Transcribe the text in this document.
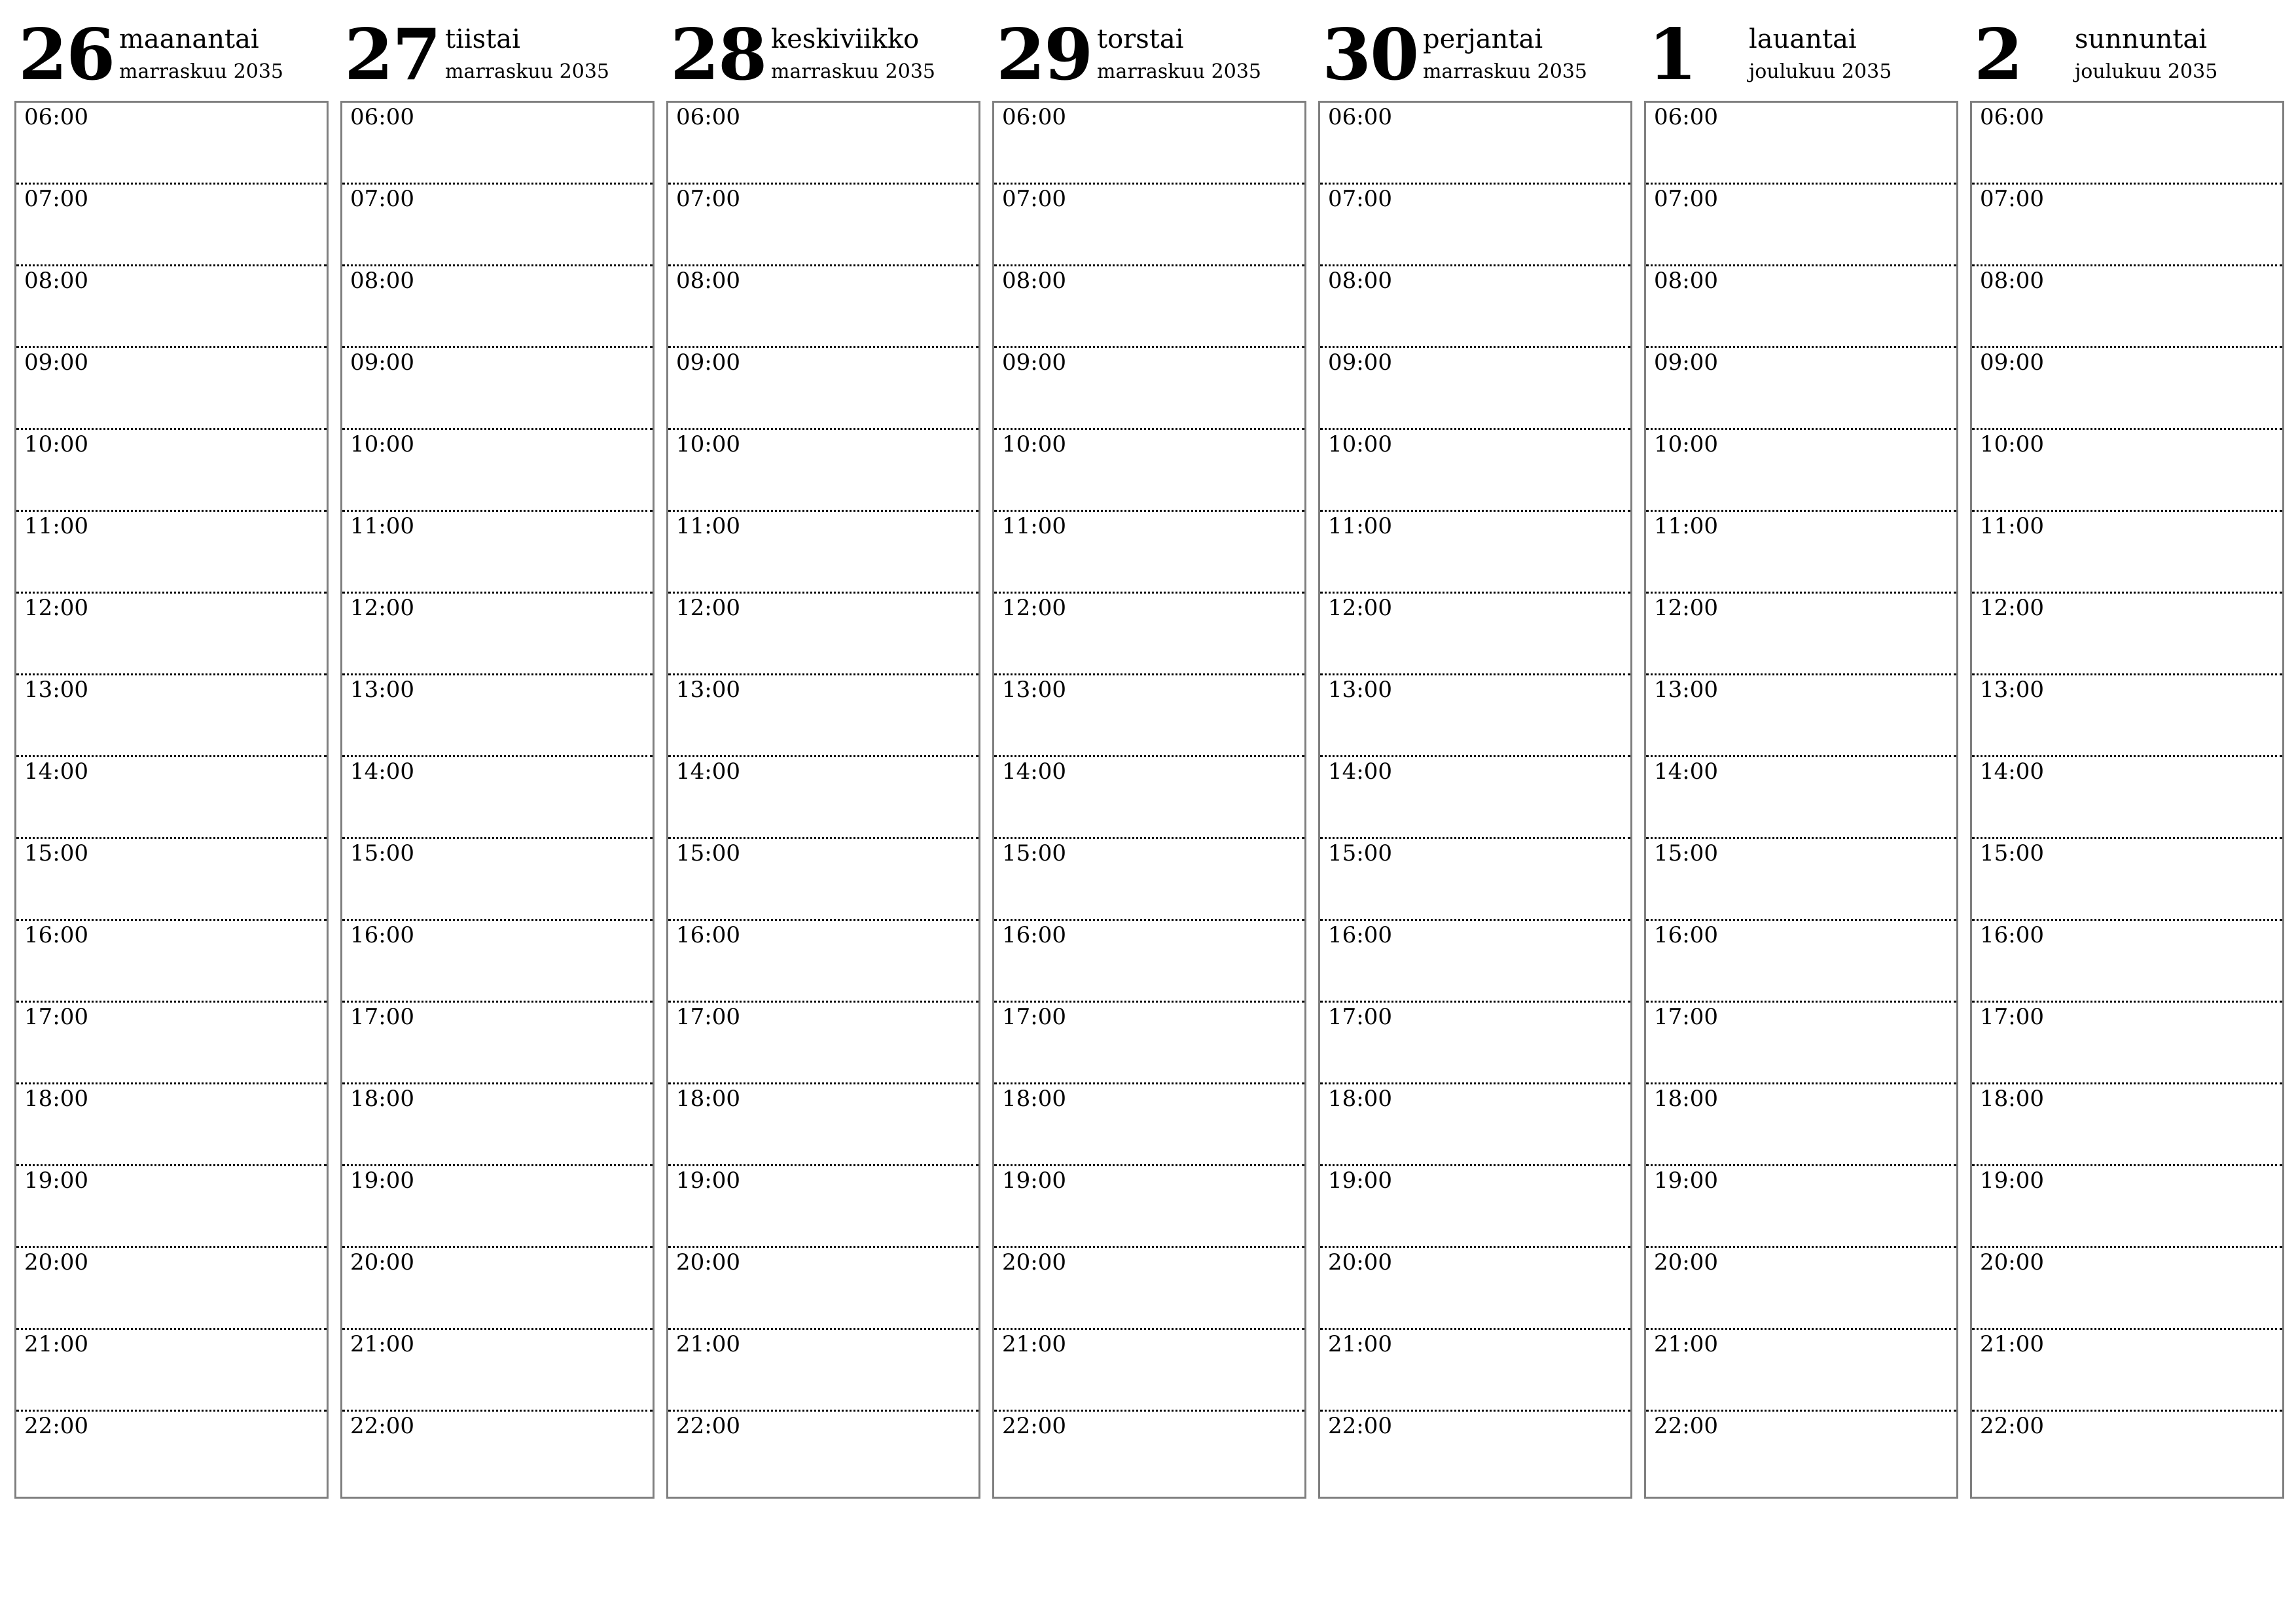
26 maanantai
marraskuu 2035
06:00
07:00
08:00
09:00
10:00
11:00
12:00
13:00
14:00
15:00
16:00
17:00
18:00
19:00
20:00
21:00
22:00
27 tiistai
marraskuu 2035
06:00
07:00
08:00
09:00
10:00
11:00
12:00
13:00
14:00
15:00
16:00
17:00
18:00
19:00
20:00
21:00
22:00
28 keskiviikko
marraskuu 2035
06:00
07:00
08:00
09:00
10:00
11:00
12:00
13:00
14:00
15:00
16:00
17:00
18:00
19:00
20:00
21:00
22:00
29 torstai
marraskuu 2035
06:00
07:00
08:00
09:00
10:00
11:00
12:00
13:00
14:00
15:00
16:00
17:00
18:00
19:00
20:00
21:00
22:00
30 perjantai
marraskuu 2035
06:00
07:00
08:00
09:00
10:00
11:00
12:00
13:00
14:00
15:00
16:00
17:00
18:00
19:00
20:00
21:00
22:00
1 lauantai
joulukuu 2035
06:00
07:00
08:00
09:00
10:00
11:00
12:00
13:00
14:00
15:00
16:00
17:00
18:00
19:00
20:00
21:00
22:00
2 sunnuntai
joulukuu 2035
06:00
07:00
08:00
09:00
10:00
11:00
12:00
13:00
14:00
15:00
16:00
17:00
18:00
19:00
20:00
21:00
22:00
